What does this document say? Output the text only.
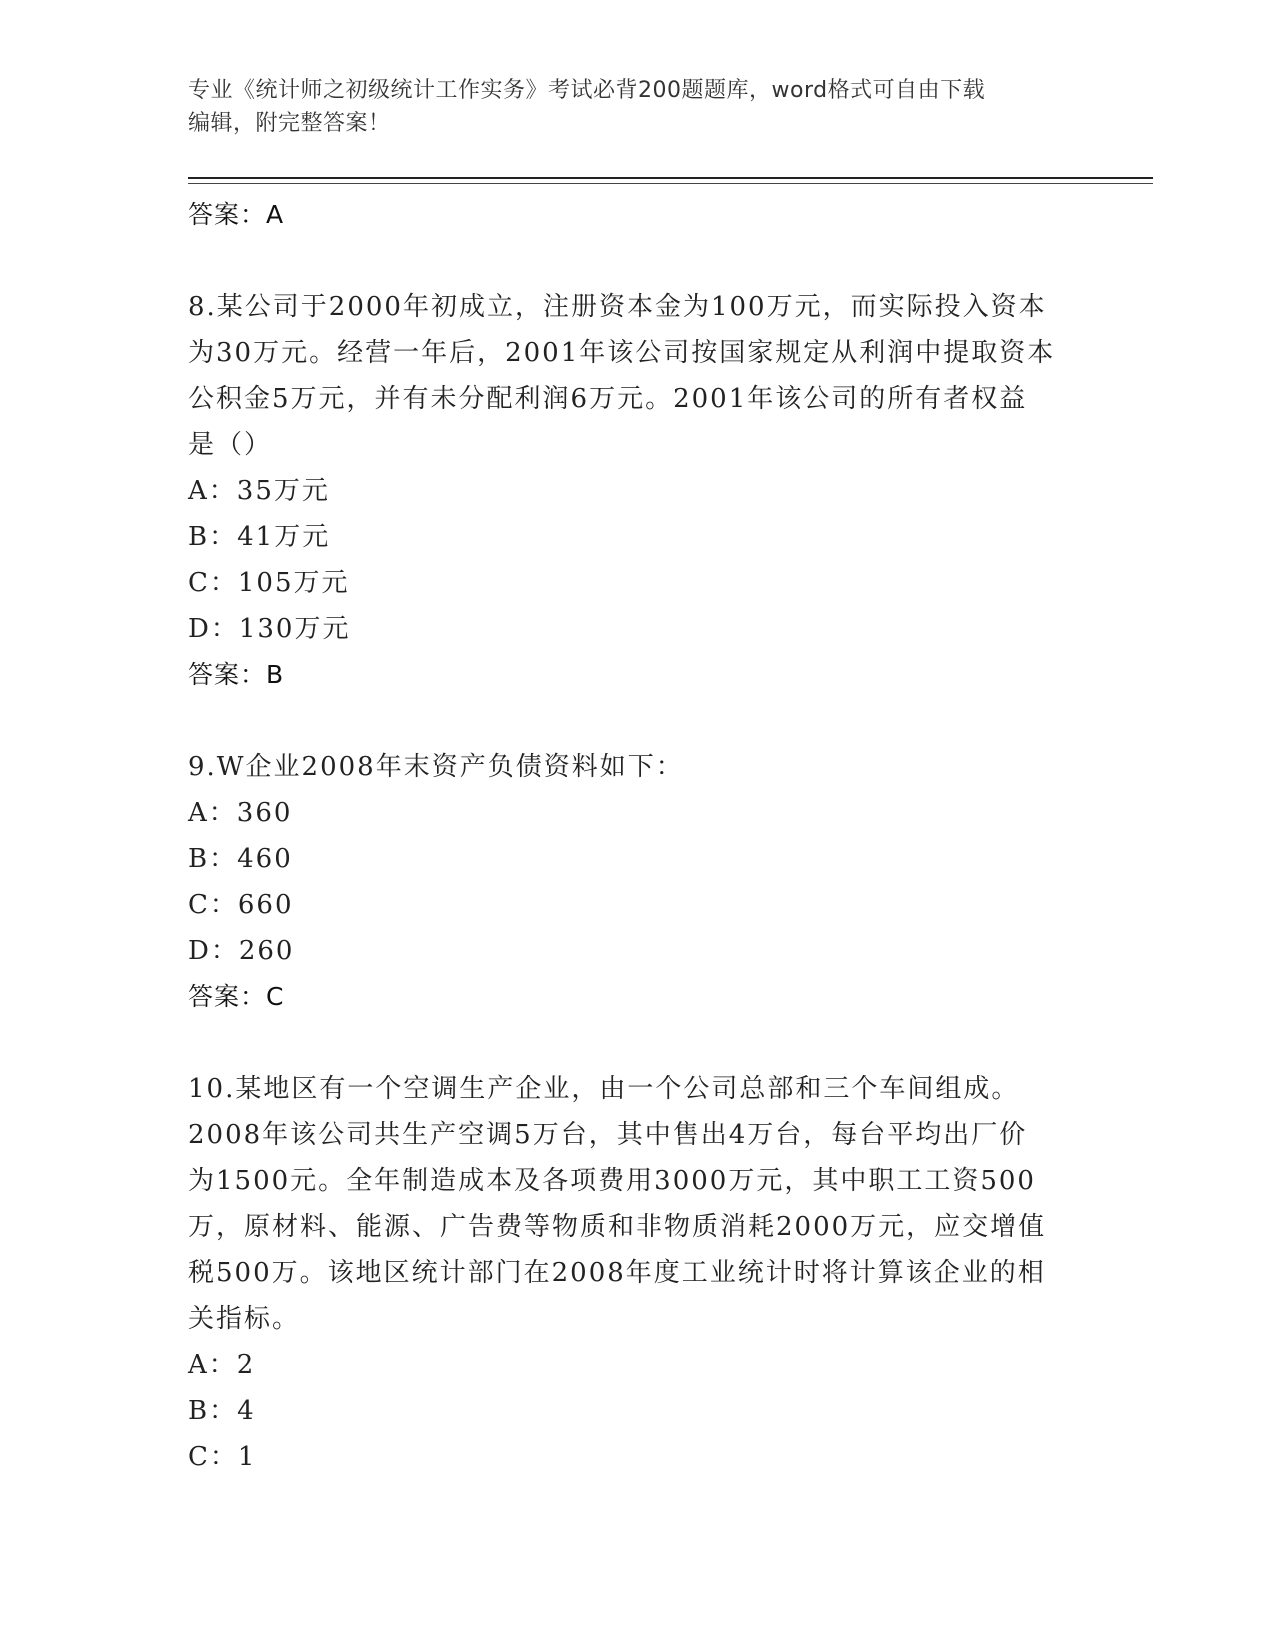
专业《统计师之初级统计工作实务》考试必背200题题库，word格式可自由下载
编辑，附完整答案！
答案：A
8.某公司于2000年初成立，注册资本金为100万元，而实际投入资本
为30万元。经营一年后，2001年该公司按国家规定从利润中提取资本
公积金5万元，并有未分配利润6万元。2001年该公司的所有者权益
是（）
A：35万元
B：41万元
C：105万元
D：130万元
答案：B
9.W企业2008年末资产负债资料如下：
A：360
B：460
C：660
D：260
答案：C
10.某地区有一个空调生产企业，由一个公司总部和三个车间组成。
2008年该公司共生产空调5万台，其中售出4万台，每台平均出厂价
为1500元。全年制造成本及各项费用3000万元，其中职工工资500
万，原材料、能源、广告费等物质和非物质消耗2000万元，应交增值
税500万。该地区统计部门在2008年度工业统计时将计算该企业的相
关指标。
A：2
B：4
C：1
